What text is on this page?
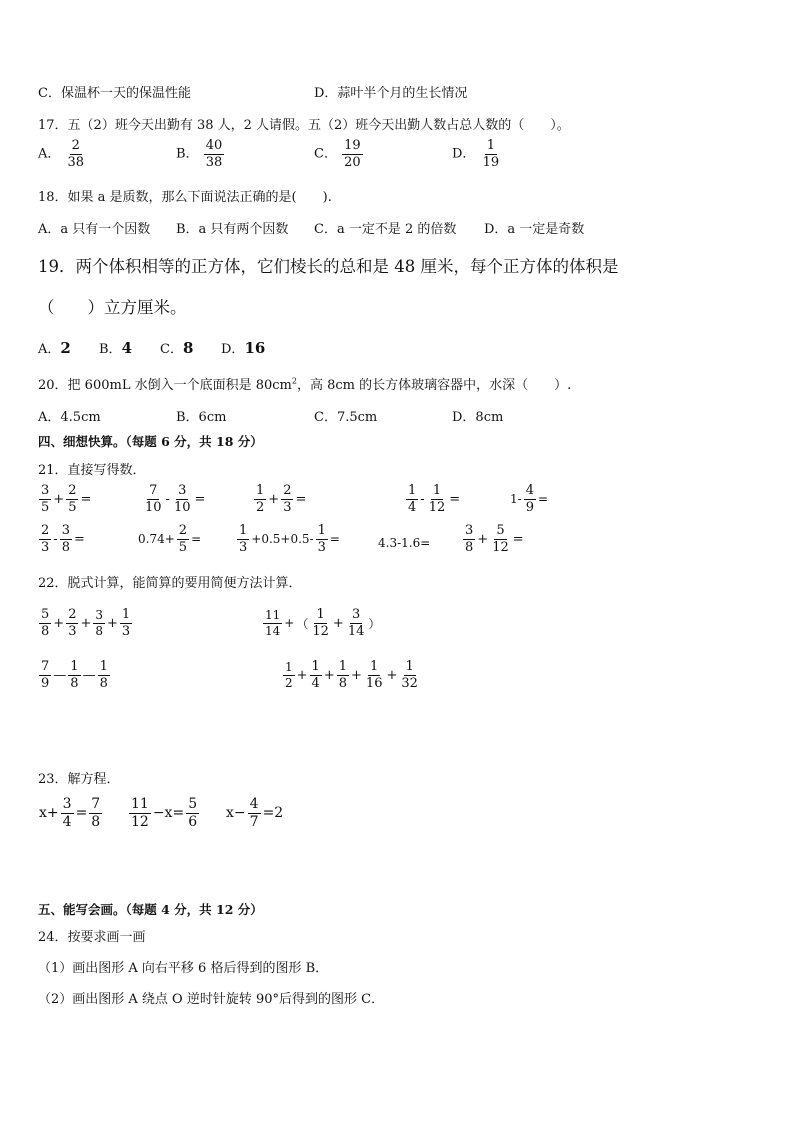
C．保温杯一天的保温性能	D．蒜叶半个月的生长情况
17．五（2）班今天出勤有 38 人，2 人请假。五（2）班今天出勤人数占总人数的（　　）。
A． $\frac{2}{38}$	B． $\frac{40}{38}$	C． $\frac{19}{20}$	D． $\frac{1}{19}$
18．如果 a 是质数，那么下面说法正确的是(　　).
A．a 只有一个因数 B．a 只有两个因数 C．a 一定不是 2 的倍数 D．a 一定是奇数
19．两个体积相等的正方体，它们棱长的总和是 48 厘米，每个正方体的体积是
（　　）立方厘米。
A．2 B．4 C．8 D．16
20．把 600mL 水倒入一个底面积是 $80cm^2$，高 8cm 的长方体玻璃容器中，水深（　　）.
A．4.5cm	B．6cm	C．7.5cm	D．8cm
四、细想快算。（每题 6 分，共 18 分）
21．直接写得数．
$\frac{3}{5} + \frac{2}{5}$ =	$\frac{7}{10} - \frac{3}{10}$ =	$\frac{1}{2} + \frac{2}{3}$ =	$\frac{1}{4} - \frac{1}{12}$ =	$1- \frac{4}{9}$ =
$\frac{2}{3} - \frac{3}{8}$ =	$0.74+ \frac{2}{5}$ =	$\frac{1}{3} +0.5+0.5- \frac{1}{3}$ =	4.3-1.6=	$\frac{3}{8} + \frac{5}{12}$ =
22．脱式计算，能简算的要用简便方法计算．
$\frac{5}{8} + \frac{2}{3} + \frac{3}{8} + \frac{1}{3}$	$\frac{11}{14}$ + （ $\frac{1}{12} + \frac{3}{14}$ ）
$\frac{7}{9}$ — $\frac{1}{8}$ — $\frac{1}{8}$	$\frac{1}{2} + \frac{1}{4} + \frac{1}{8} + \frac{1}{16} + \frac{1}{32}$
23．解方程．
$x+ \frac{3}{4} = \frac{7}{8} \frac{11}{12} -x= \frac{5}{6} x- \frac{4}{7} =2$
五、能写会画。（每题 4 分，共 12 分）
24．按要求画一画
（1）画出图形 A 向右平移 6 格后得到的图形 B．
（2）画出图形 A 绕点 O 逆时针旋转 90°后得到的图形 C．
